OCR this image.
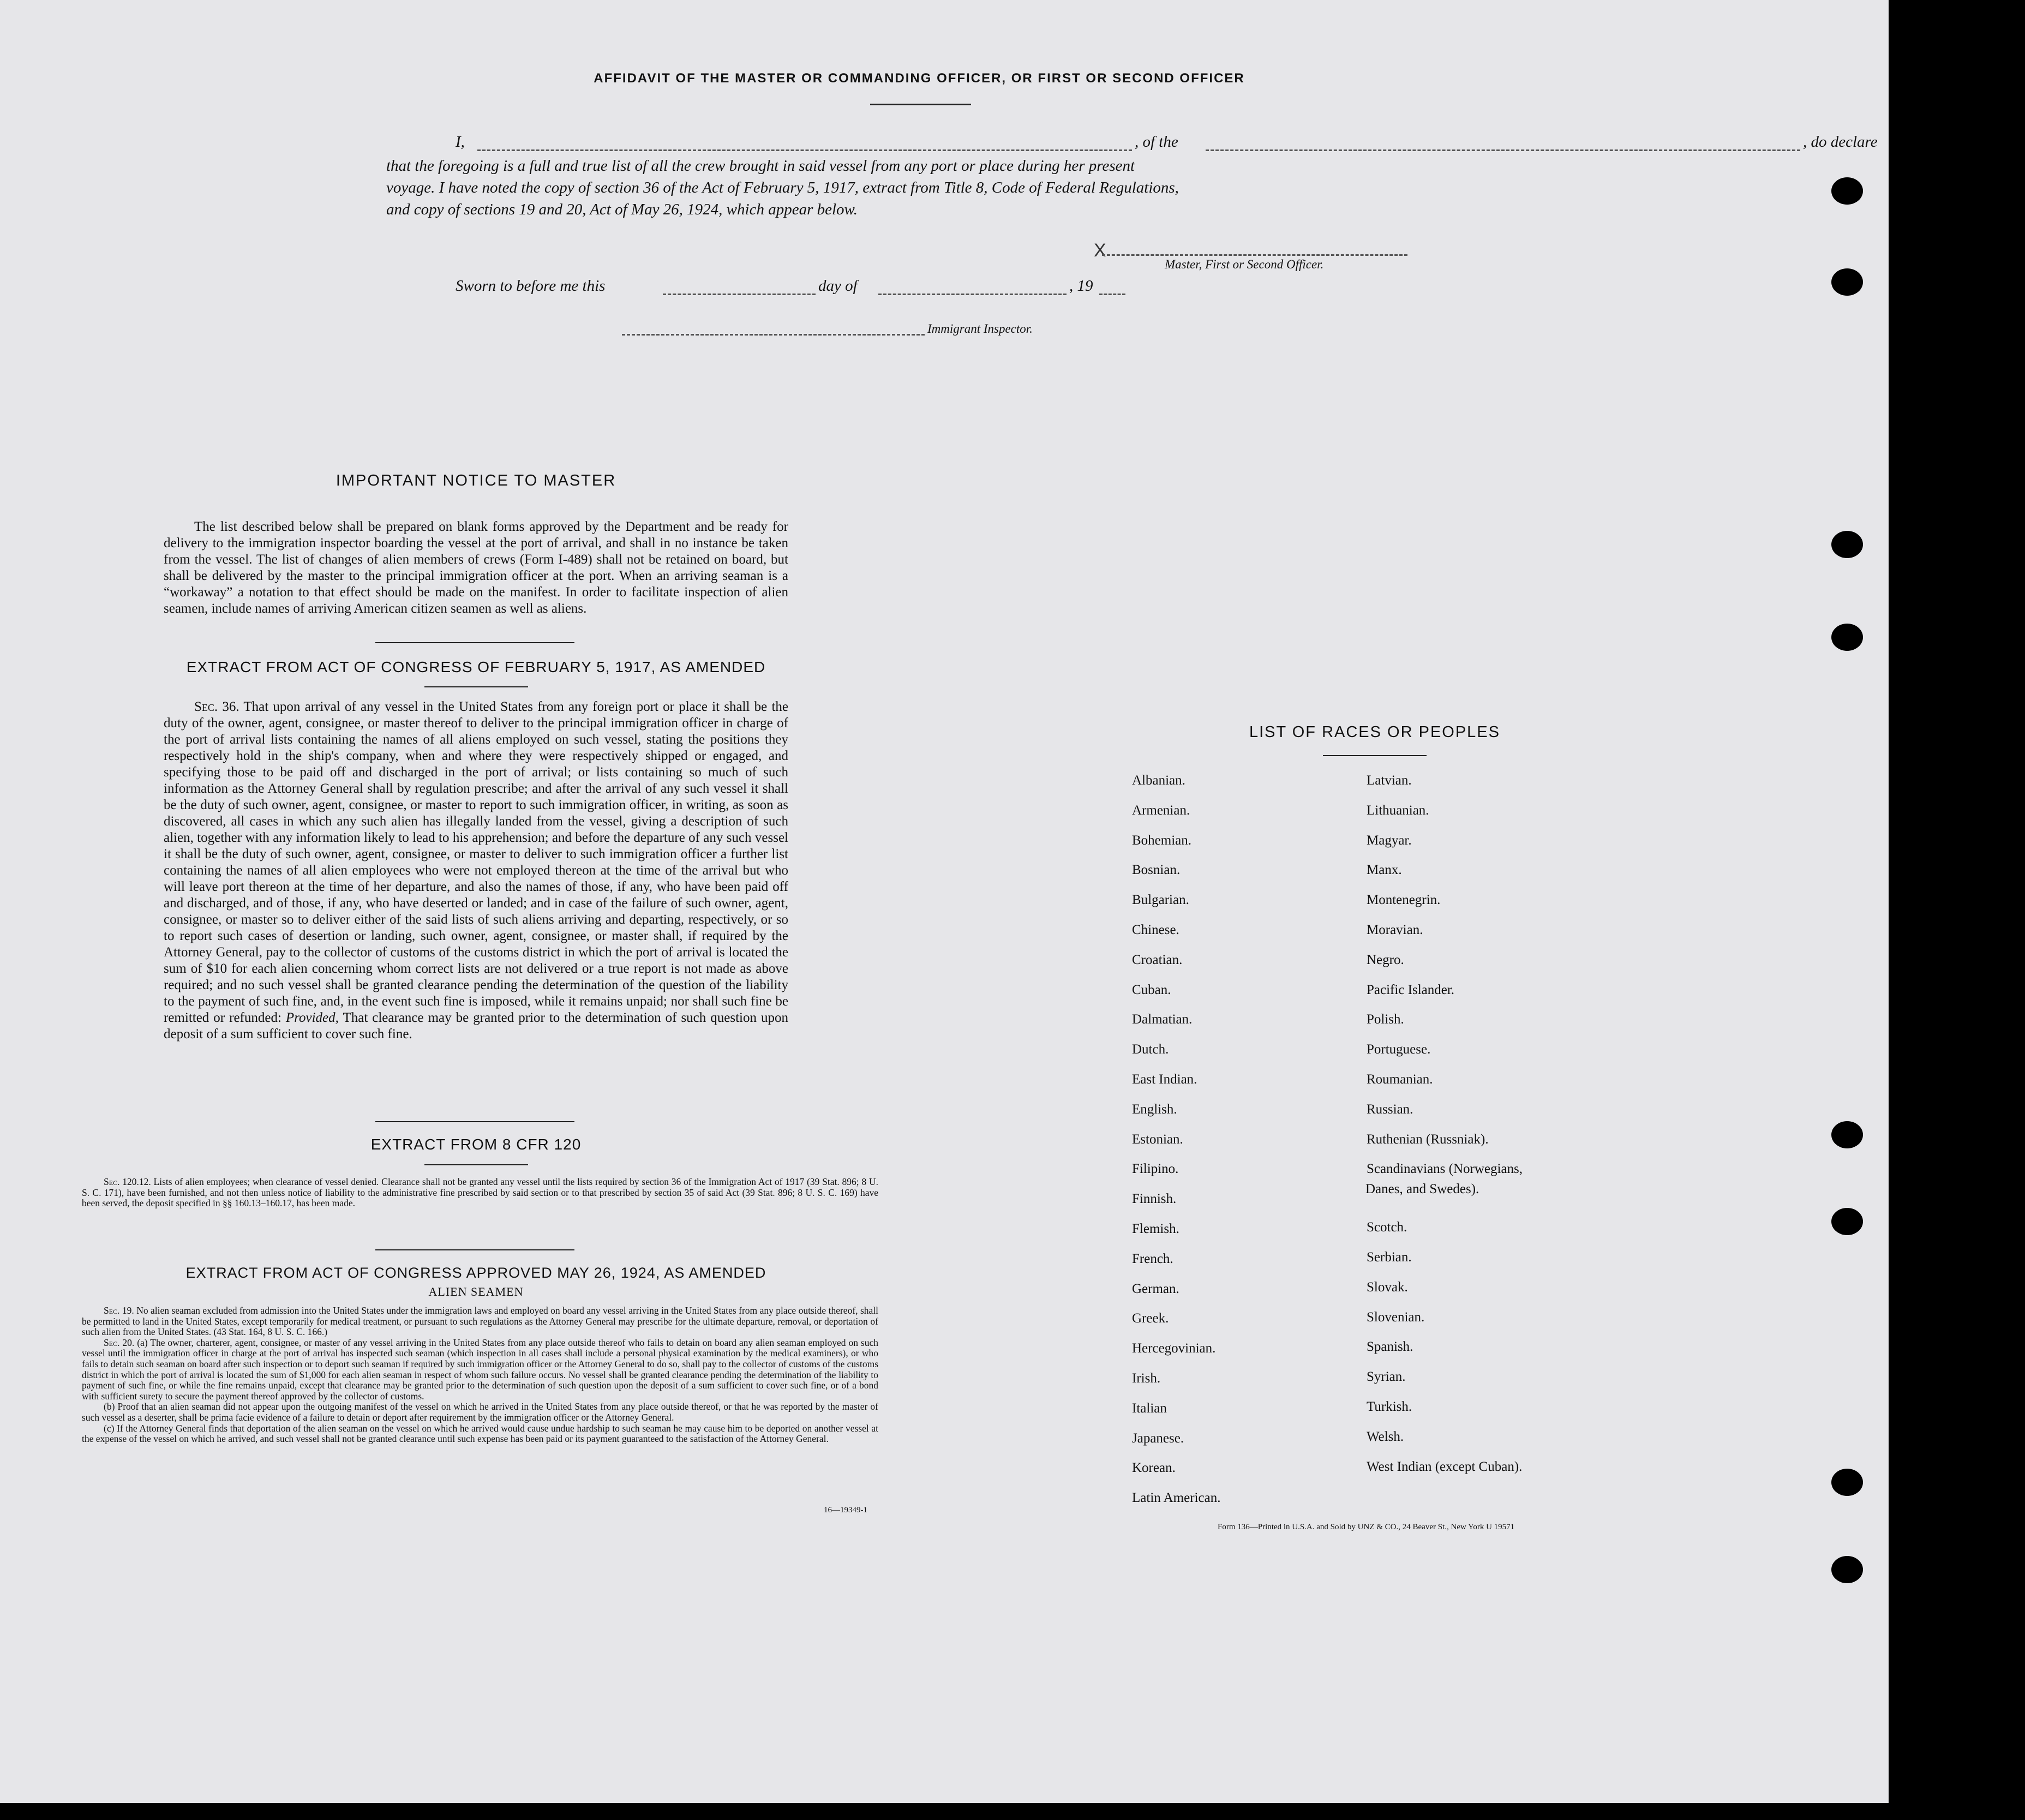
AFFIDAVIT OF THE MASTER OR COMMANDING OFFICER, OR FIRST OR SECOND OFFICER
I,	, of the	, do declare
that the foregoing is a full and true list of all the crew brought in said vessel from any port or place during her present
voyage. I have noted the copy of section 36 of the Act of February 5, 1917, extract from Title 8, Code of Federal Regulations,
and copy of sections 19 and 20, Act of May 26, 1924, which appear below.
X
Master, First or Second Officer.
Sworn to before me this	day of	, 19
Immigrant Inspector.
IMPORTANT NOTICE TO MASTER
The list described below shall be prepared on blank forms approved by the Department and be ready for delivery to the immigration inspector boarding the vessel at the port of arrival, and shall in no instance be taken from the vessel. The list of changes of alien members of crews (Form I-489) shall not be retained on board, but shall be delivered by the master to the principal immigration officer at the port. When an arriving seaman is a “workaway” a notation to that effect should be made on the manifest. In order to facilitate inspection of alien seamen, include names of arriving American citizen seamen as well as aliens.
EXTRACT FROM ACT OF CONGRESS OF FEBRUARY 5, 1917, AS AMENDED
Sec. 36. That upon arrival of any vessel in the United States from any foreign port or place it shall be the duty of the owner, agent, consignee, or master thereof to deliver to the principal immigration officer in charge of the port of arrival lists containing the names of all aliens employed on such vessel, stating the positions they respectively hold in the ship's company, when and where they were respectively shipped or engaged, and specifying those to be paid off and discharged in the port of arrival; or lists containing so much of such information as the Attorney General shall by regulation prescribe; and after the arrival of any such vessel it shall be the duty of such owner, agent, consignee, or master to report to such immigration officer, in writing, as soon as discovered, all cases in which any such alien has illegally landed from the vessel, giving a description of such alien, together with any information likely to lead to his apprehension; and before the departure of any such vessel it shall be the duty of such owner, agent, consignee, or master to deliver to such immigration officer a further list containing the names of all alien employees who were not employed thereon at the time of the arrival but who will leave port thereon at the time of her departure, and also the names of those, if any, who have been paid off and discharged, and of those, if any, who have deserted or landed; and in case of the failure of such owner, agent, consignee, or master so to deliver either of the said lists of such aliens arriving and departing, respectively, or so to report such cases of desertion or landing, such owner, agent, consignee, or master shall, if required by the Attorney General, pay to the collector of customs of the customs district in which the port of arrival is located the sum of $10 for each alien concerning whom correct lists are not delivered or a true report is not made as above required; and no such vessel shall be granted clearance pending the determination of the question of the liability to the payment of such fine, and, in the event such fine is imposed, while it remains unpaid; nor shall such fine be remitted or refunded: Provided, That clearance may be granted prior to the determination of such question upon deposit of a sum sufficient to cover such fine.
EXTRACT FROM 8 CFR 120

Sec. 120.12. Lists of alien employees; when clearance of vessel denied. Clearance shall not be granted any vessel until the lists required by section 36 of the Immigration Act of 1917 (39 Stat. 896; 8 U. S. C. 171), have been furnished, and not then unless notice of liability to the administrative fine prescribed by said section or to that prescribed by section 35 of said Act (39 Stat. 896; 8 U. S. C. 169) have been served, the deposit specified in §§ 160.13–160.17, has been made.

EXTRACT FROM ACT OF CONGRESS APPROVED MAY 26, 1924, AS AMENDED
ALIEN SEAMEN

Sec. 19. No alien seaman excluded from admission into the United States under the immigration laws and employed on board any vessel arriving in the United States from any place outside thereof, shall be permitted to land in the United States, except temporarily for medical treatment, or pursuant to such regulations as the Attorney General may prescribe for the ultimate departure, removal, or deportation of such alien from the United States. (43 Stat. 164, 8 U. S. C. 166.)

Sec. 20. (a) The owner, charterer, agent, consignee, or master of any vessel arriving in the United States from any place outside thereof who fails to detain on board any alien seaman employed on such vessel until the immigration officer in charge at the port of arrival has inspected such seaman (which inspection in all cases shall include a personal physical examination by the medical examiners), or who fails to detain such seaman on board after such inspection or to deport such seaman if required by such immigration officer or the Attorney General to do so, shall pay to the collector of customs of the customs district in which the port of arrival is located the sum of $1,000 for each alien seaman in respect of whom such failure occurs. No vessel shall be granted clearance pending the determination of the liability to payment of such fine, or while the fine remains unpaid, except that clearance may be granted prior to the determination of such question upon the deposit of a sum sufficient to cover such fine, or of a bond with sufficient surety to secure the payment thereof approved by the collector of customs.

(b) Proof that an alien seaman did not appear upon the outgoing manifest of the vessel on which he arrived in the United States from any place outside thereof, or that he was reported by the master of such vessel as a deserter, shall be prima facie evidence of a failure to detain or deport after requirement by the immigration officer or the Attorney General.

(c) If the Attorney General finds that deportation of the alien seaman on the vessel on which he arrived would cause undue hardship to such seaman he may cause him to be deported on another vessel at the expense of the vessel on which he arrived, and such vessel shall not be granted clearance until such expense has been paid or its payment guaranteed to the satisfaction of the Attorney General.

16—19349-1
LIST OF RACES OR PEOPLES
Albanian.
Armenian.
Bohemian.
Bosnian.
Bulgarian.
Chinese.
Croatian.
Cuban.
Dalmatian.
Dutch.
East Indian.
English.
Estonian.
Filipino.
Finnish.
Flemish.
French.
German.
Greek.
Hercegovinian.
Irish.
Italian
Japanese.
Korean.
Latin American.
Latvian.
Lithuanian.
Magyar.
Manx.
Montenegrin.
Moravian.
Negro.
Pacific Islander.
Polish.
Portuguese.
Roumanian.
Russian.
Ruthenian (Russniak).
Scandinavians (Norwegians,
Scotch.
Serbian.
Slovak.
Slovenian.
Spanish.
Syrian.
Turkish.
Welsh.
West Indian (except Cuban).
Danes, and Swedes).
Form 136—Printed in U.S.A. and Sold by UNZ & CO., 24 Beaver St., New York U 19571
